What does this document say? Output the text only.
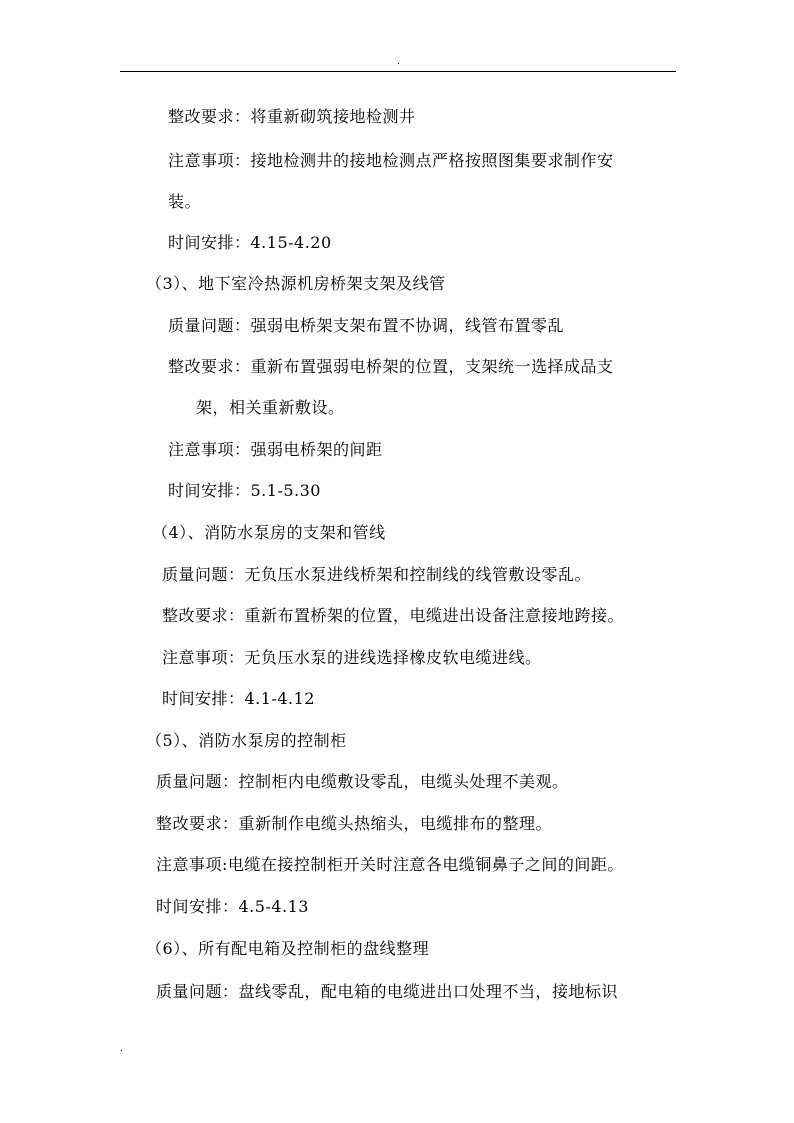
.
整改要求：将重新砌筑接地检测井
注意事项：接地检测井的接地检测点严格按照图集要求制作安
装。
时间安排：4.15-4.20
（3）、地下室冷热源机房桥架支架及线管
质量问题：强弱电桥架支架布置不协调，线管布置零乱
整改要求：重新布置强弱电桥架的位置，支架统一选择成品支
架，相关重新敷设。
注意事项：强弱电桥架的间距
时间安排：5.1-5.30
（4）、消防水泵房的支架和管线
质量问题：无负压水泵进线桥架和控制线的线管敷设零乱。
整改要求：重新布置桥架的位置，电缆进出设备注意接地跨接。
注意事项：无负压水泵的进线选择橡皮软电缆进线。
时间安排：4.1-4.12
（5）、消防水泵房的控制柜
质量问题：控制柜内电缆敷设零乱，电缆头处理不美观。
整改要求：重新制作电缆头热缩头，电缆排布的整理。
注意事项:电缆在接控制柜开关时注意各电缆铜鼻子之间的间距。
时间安排：4.5-4.13
（6）、所有配电箱及控制柜的盘线整理
质量问题：盘线零乱，配电箱的电缆进出口处理不当，接地标识
.
